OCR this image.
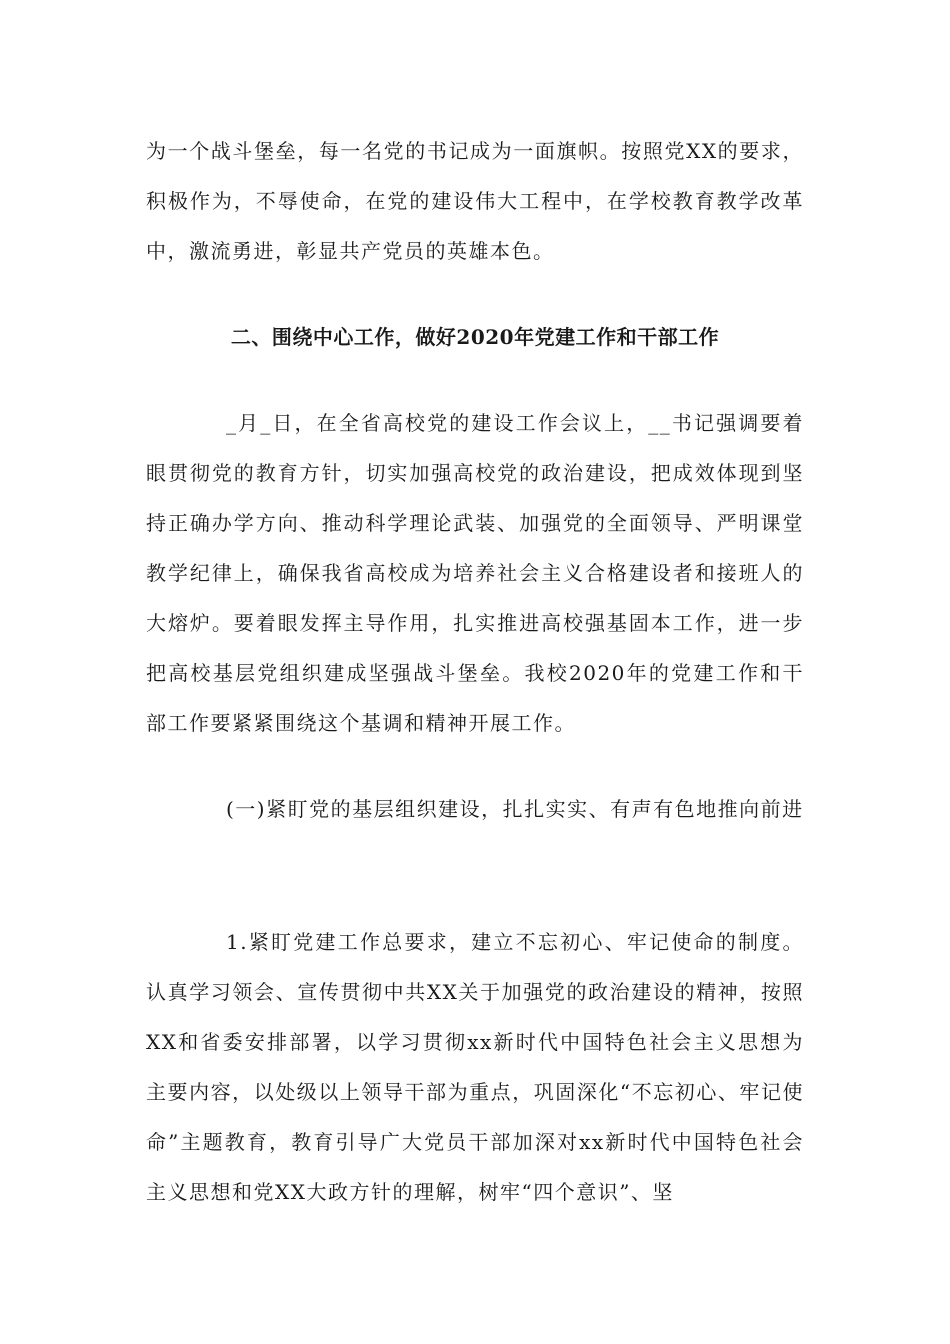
为一个战斗堡垒，每一名党的书记成为一面旗帜。按照党XX的要求，积极作为，不辱使命，在党的建设伟大工程中，在学校教育教学改革中，激流勇进，彰显共产党员的英雄本色。

二、围绕中心工作，做好2020年党建工作和干部工作

_月_日，在全省高校党的建设工作会议上，__书记强调要着眼贯彻党的教育方针，切实加强高校党的政治建设，把成效体现到坚持正确办学方向、推动科学理论武装、加强党的全面领导、严明课堂教学纪律上，确保我省高校成为培养社会主义合格建设者和接班人的大熔炉。要着眼发挥主导作用，扎实推进高校强基固本工作，进一步把高校基层党组织建成坚强战斗堡垒。我校2020年的党建工作和干部工作要紧紧围绕这个基调和精神开展工作。

(一)紧盯党的基层组织建设，扎扎实实、有声有色地推向前进

1.紧盯党建工作总要求，建立不忘初心、牢记使命的制度。认真学习领会、宣传贯彻中共XX关于加强党的政治建设的精神，按照XX和省委安排部署，以学习贯彻xx新时代中国特色社会主义思想为主要内容，以处级以上领导干部为重点，巩固深化“不忘初心、牢记使命”主题教育，教育引导广大党员干部加深对xx新时代中国特色社会主义思想和党XX大政方针的理解，树牢“四个意识”、坚
